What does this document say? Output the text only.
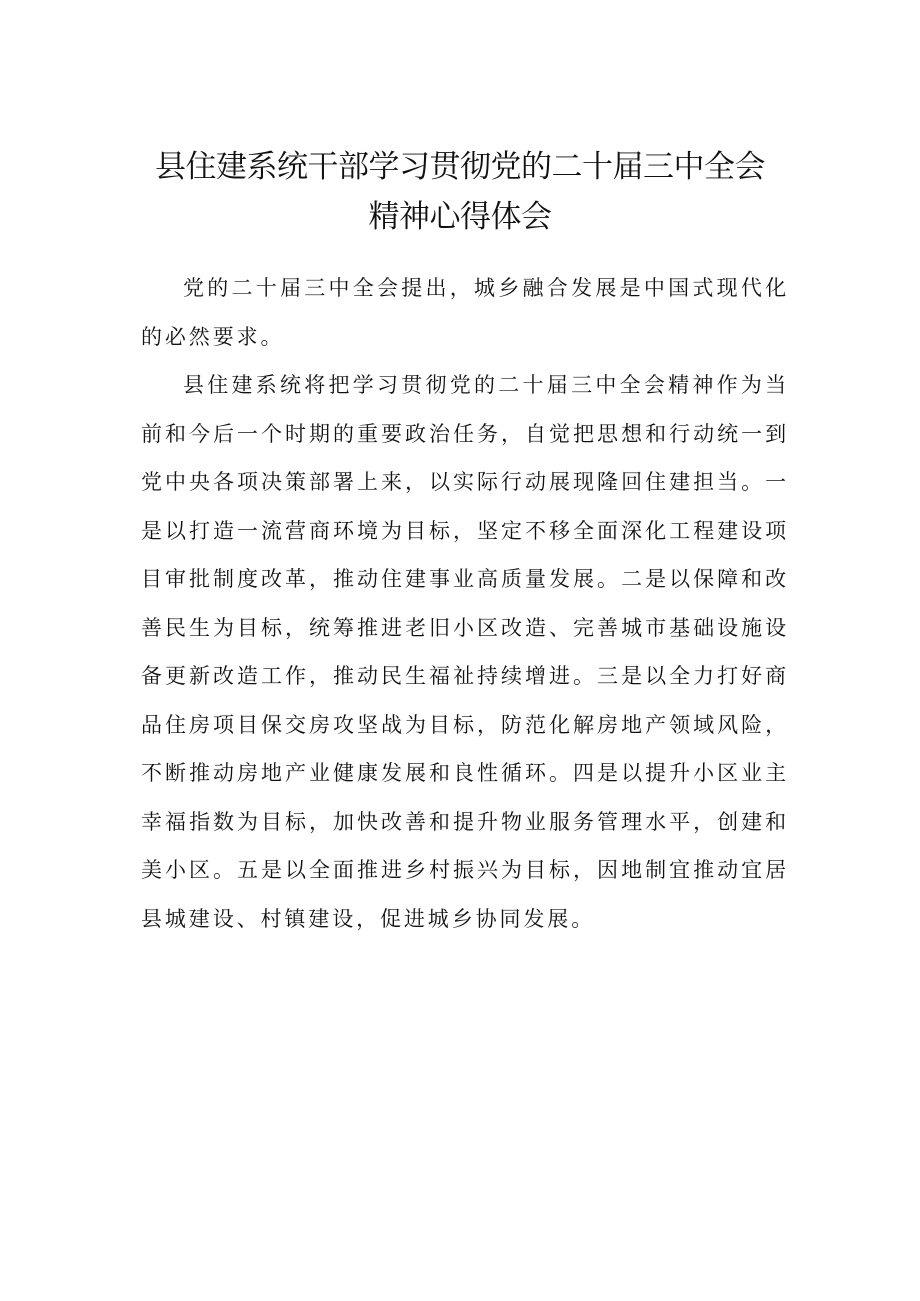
县住建系统干部学习贯彻党的二十届三中全会
精神心得体会

党的二十届三中全会提出，城乡融合发展是中国式现代化的必然要求。

县住建系统将把学习贯彻党的二十届三中全会精神作为当前和今后一个时期的重要政治任务，自觉把思想和行动统一到党中央各项决策部署上来，以实际行动展现隆回住建担当。一是以打造一流营商环境为目标，坚定不移全面深化工程建设项目审批制度改革，推动住建事业高质量发展。二是以保障和改善民生为目标，统筹推进老旧小区改造、完善城市基础设施设备更新改造工作，推动民生福祉持续增进。三是以全力打好商品住房项目保交房攻坚战为目标，防范化解房地产领域风险，不断推动房地产业健康发展和良性循环。四是以提升小区业主幸福指数为目标，加快改善和提升物业服务管理水平，创建和美小区。五是以全面推进乡村振兴为目标，因地制宜推动宜居县城建设、村镇建设，促进城乡协同发展。
